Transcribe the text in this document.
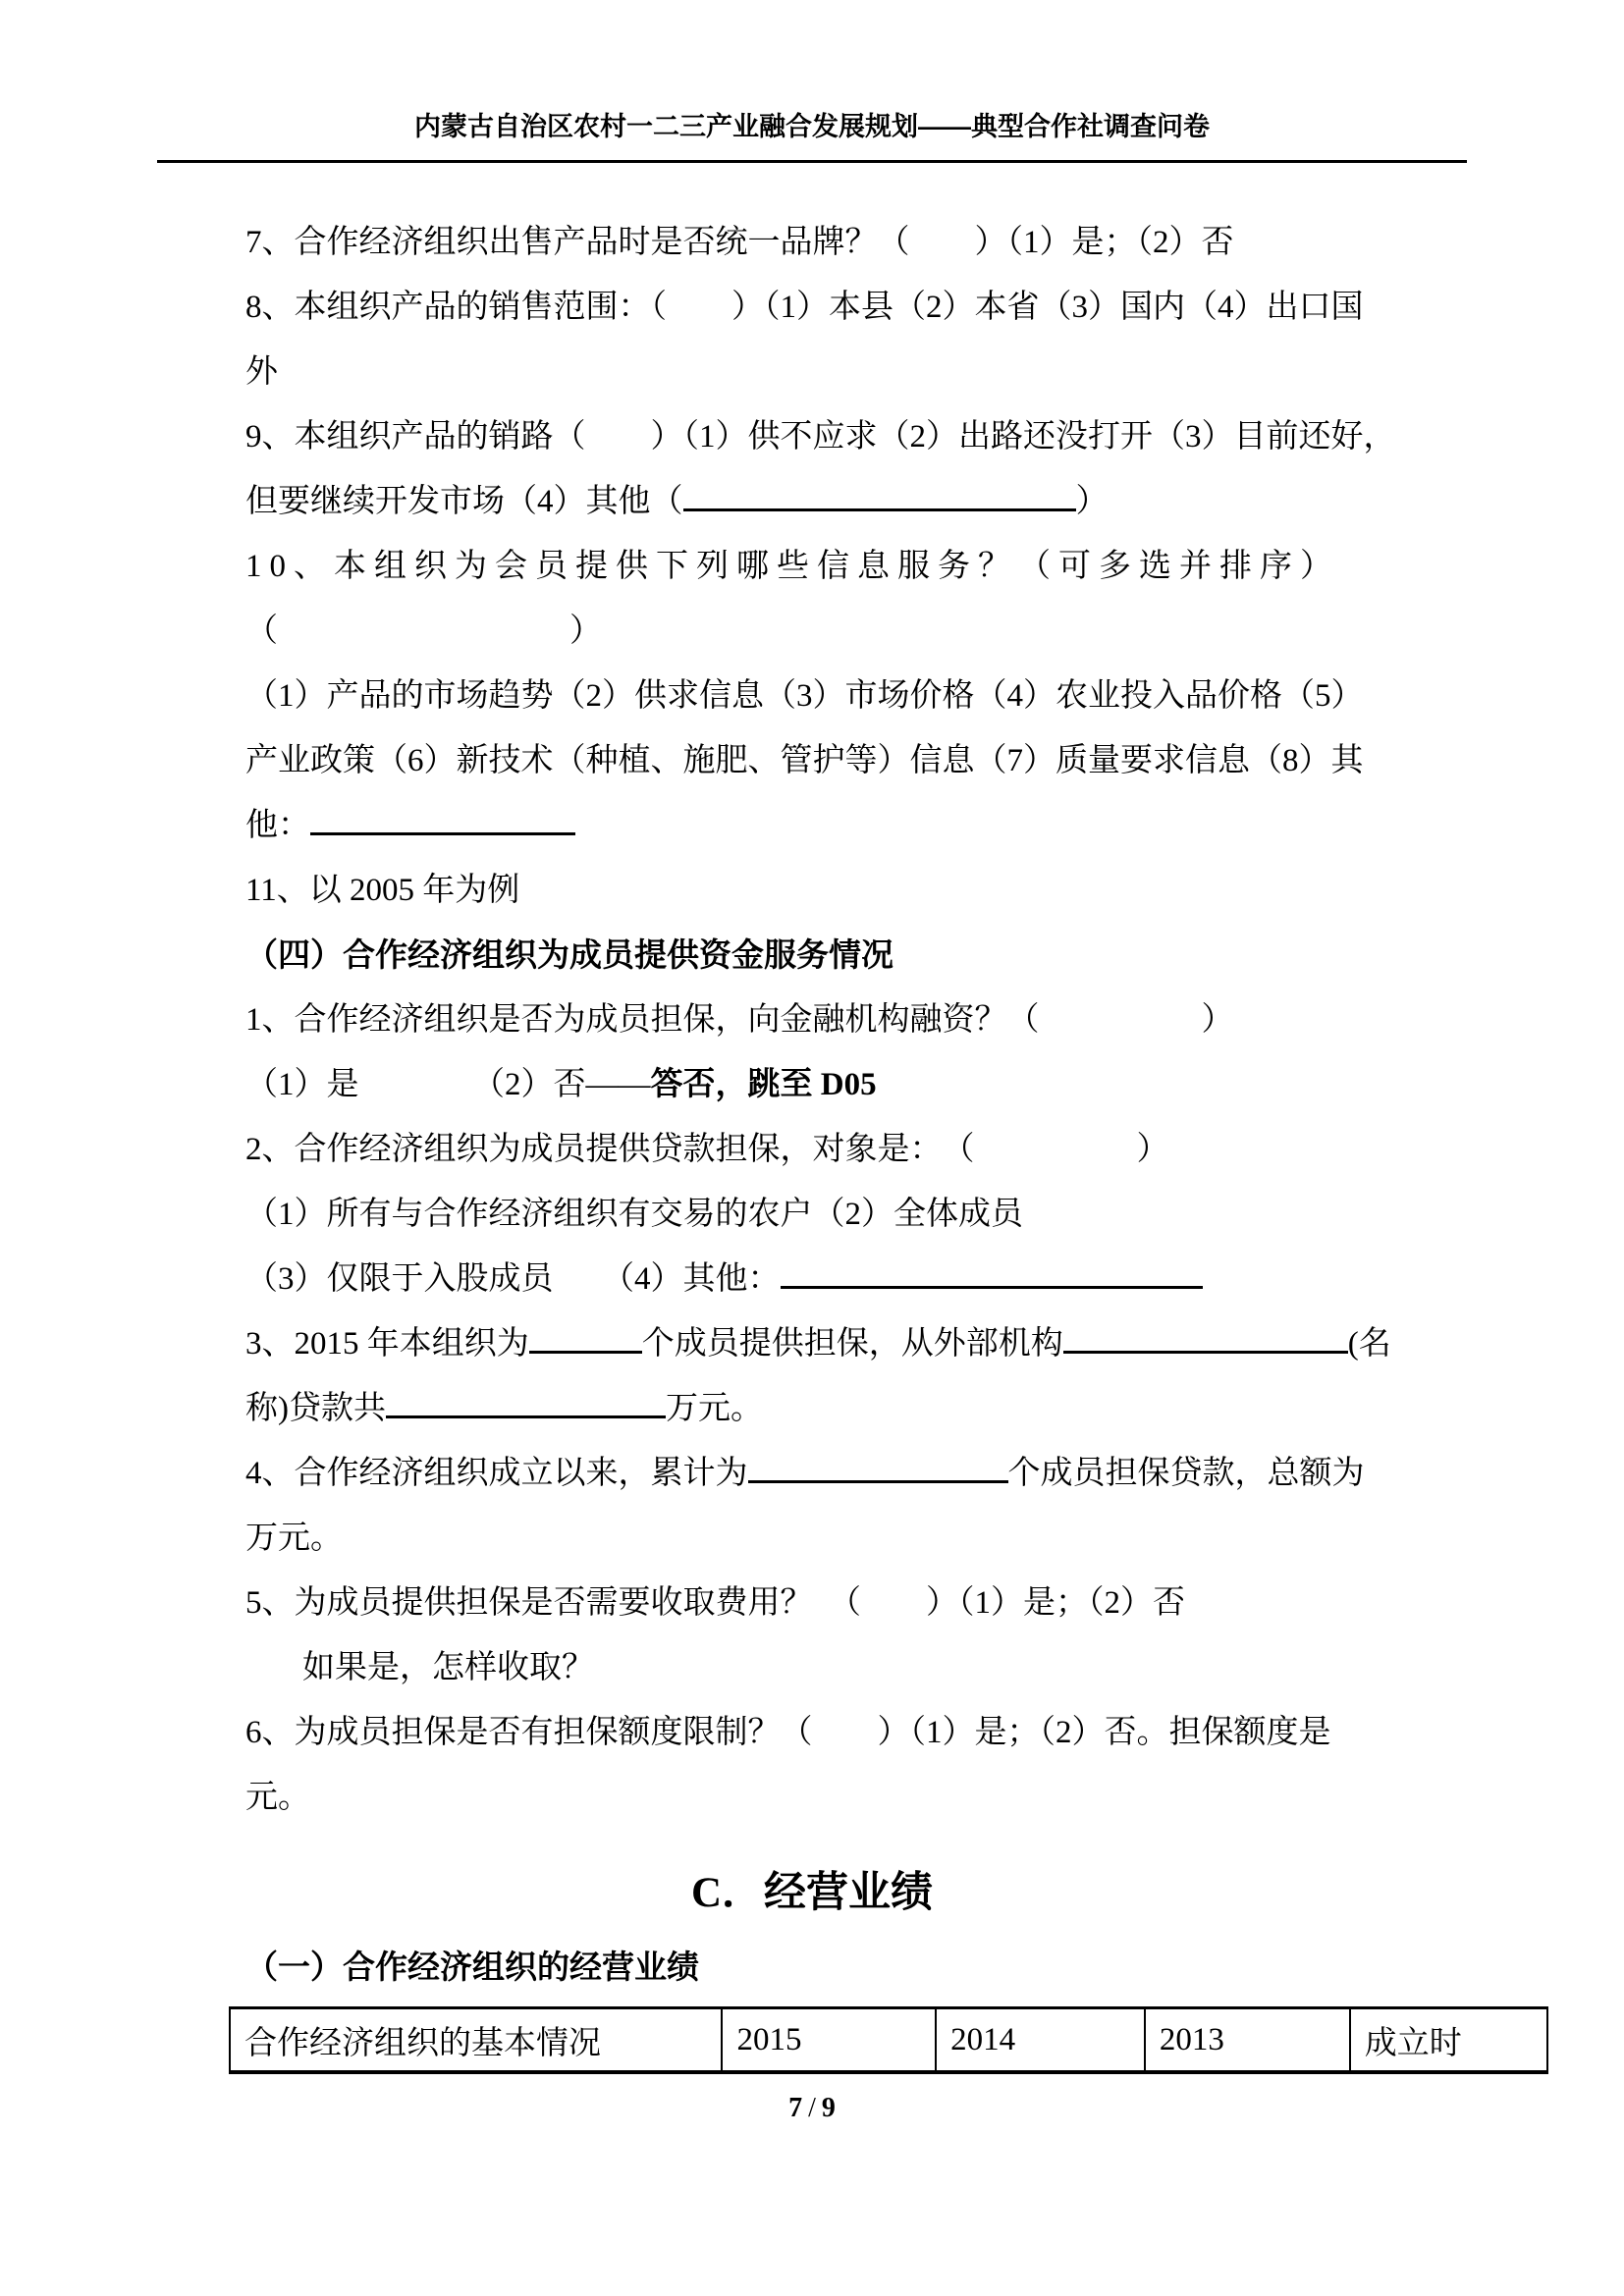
内蒙古自治区农村一二三产业融合发展规划——典型合作社调查问卷
7、合作经济组织出售产品时是否统一品牌？（　　）（1）是；（2）否
8、本组织产品的销售范围：（　　）（1）本县（2）本省（3）国内（4）出口国
外
9、本组织产品的销路（　　）（1）供不应求（2）出路还没打开（3）目前还好，
但要继续开发市场（4）其他（	）
10、本组织为会员提供下列哪些信息服务？（可多选并排序）
（　　　　　　　　　）
（1）产品的市场趋势（2）供求信息（3）市场价格（4）农业投入品价格（5）
产业政策（6）新技术（种植、施肥、管护等）信息（7）质量要求信息（8）其
他：
11、以 2005 年为例
（四）合作经济组织为成员提供资金服务情况
1、合作经济组织是否为成员担保，向金融机构融资？（　　　　　）
（1）是　　　　（2）否——答否，跳至 D05
2、合作经济组织为成员提供贷款担保，对象是：　（　　　　　）
（1）所有与合作经济组织有交易的农户（2）全体成员
（3）仅限于入股成员　　（4）其他：
3、2015 年本组织为	个成员提供担保，从外部机构	(名
称)贷款共	万元。
4、合作经济组织成立以来，累计为	个成员担保贷款，总额为
万元。
5、为成员提供担保是否需要收取费用？　（　　）（1）是；（2）否
如果是，怎样收取？
6、为成员担保是否有担保额度限制？（　　）（1）是；（2）否。担保额度是
元。
C．经营业绩
（一）合作经济组织的经营业绩
合作经济组织的基本情况	2015	2014	2013	成立时
7 / 9
